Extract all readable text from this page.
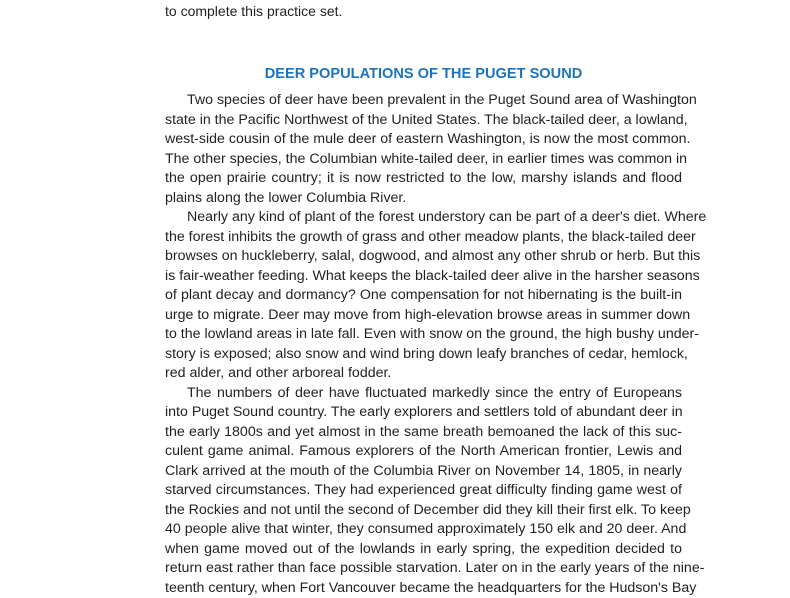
to complete this practice set.

DEER POPULATIONS OF THE PUGET SOUND

Two species of deer have been prevalent in the Puget Sound area of Washington
state in the Pacific Northwest of the United States. The black-tailed deer, a lowland,
west-side cousin of the mule deer of eastern Washington, is now the most common.
The other species, the Columbian white-tailed deer, in earlier times was common in
the open prairie country; it is now restricted to the low, marshy islands and flood
plains along the lower Columbia River.

Nearly any kind of plant of the forest understory can be part of a deer's diet. Where
the forest inhibits the growth of grass and other meadow plants, the black-tailed deer
browses on huckleberry, salal, dogwood, and almost any other shrub or herb. But this
is fair-weather feeding. What keeps the black-tailed deer alive in the harsher seasons
of plant decay and dormancy? One compensation for not hibernating is the built-in
urge to migrate. Deer may move from high-elevation browse areas in summer down
to the lowland areas in late fall. Even with snow on the ground, the high bushy under-
story is exposed; also snow and wind bring down leafy branches of cedar, hemlock,
red alder, and other arboreal fodder.

The numbers of deer have fluctuated markedly since the entry of Europeans
into Puget Sound country. The early explorers and settlers told of abundant deer in
the early 1800s and yet almost in the same breath bemoaned the lack of this suc-
culent game animal. Famous explorers of the North American frontier, Lewis and
Clark arrived at the mouth of the Columbia River on November 14, 1805, in nearly
starved circumstances. They had experienced great difficulty finding game west of
the Rockies and not until the second of December did they kill their first elk. To keep
40 people alive that winter, they consumed approximately 150 elk and 20 deer. And
when game moved out of the lowlands in early spring, the expedition decided to
return east rather than face possible starvation. Later on in the early years of the nine-
teenth century, when Fort Vancouver became the headquarters for the Hudson's Bay
